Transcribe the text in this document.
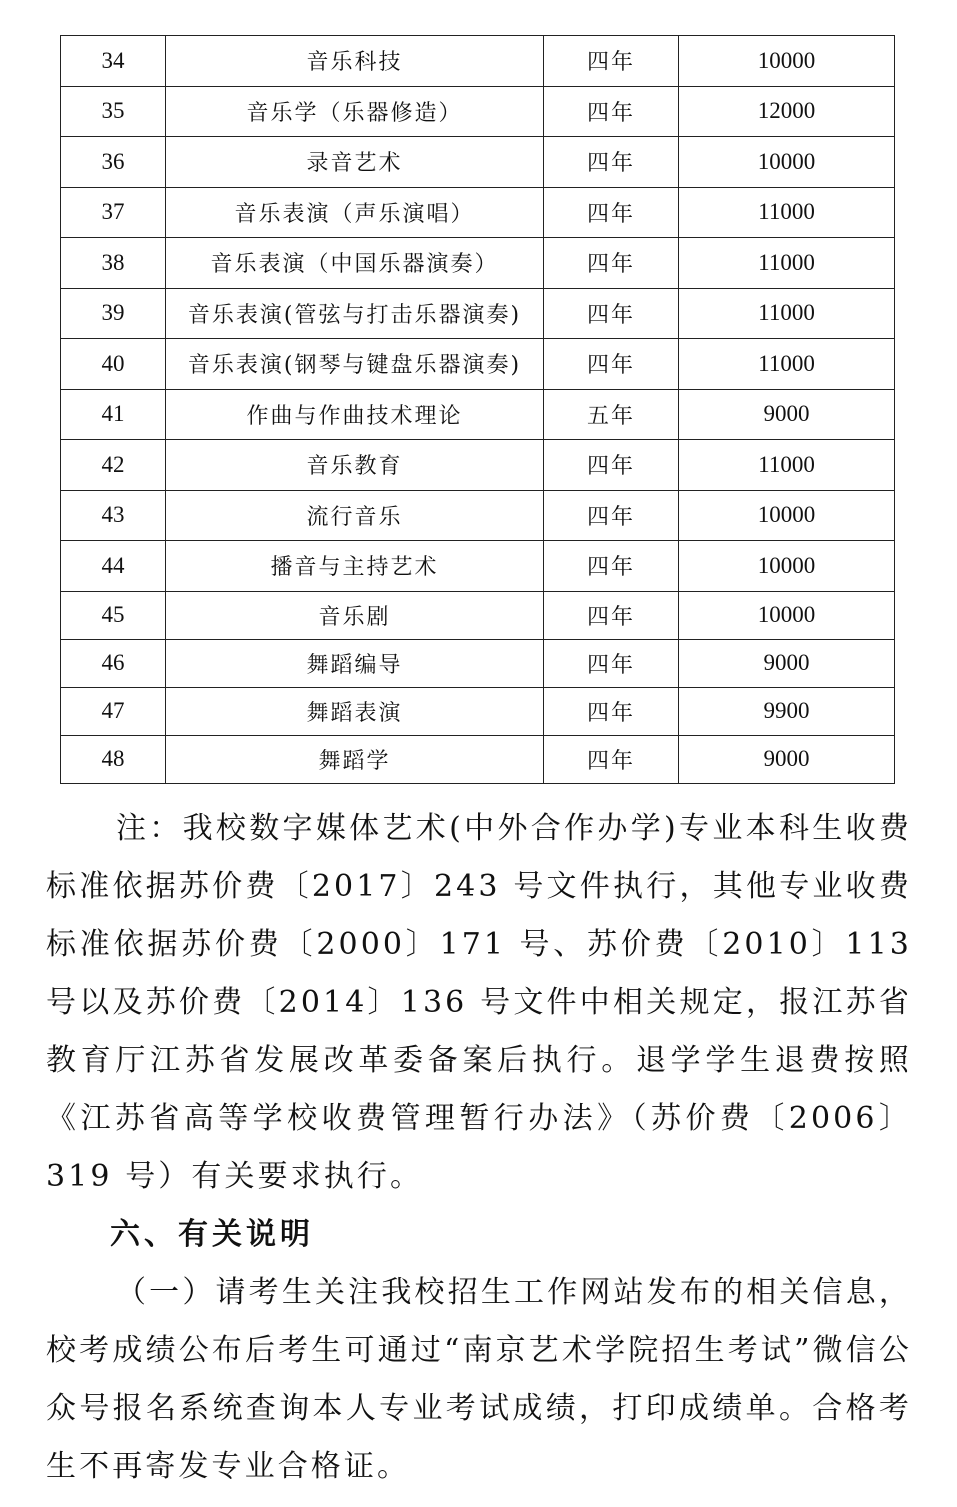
34	音乐科技	四年	10000
35	音乐学（乐器修造）	四年	12000
36	录音艺术	四年	10000
37	音乐表演（声乐演唱）	四年	11000
38	音乐表演（中国乐器演奏）	四年	11000
39	音乐表演(管弦与打击乐器演奏)	四年	11000
40	音乐表演(钢琴与键盘乐器演奏)	四年	11000
41	作曲与作曲技术理论	五年	9000
42	音乐教育	四年	11000
43	流行音乐	四年	10000
44	播音与主持艺术	四年	10000
45	音乐剧	四年	10000
46	舞蹈编导	四年	9000
47	舞蹈表演	四年	9900
48	舞蹈学	四年	9000
注：我校数字媒体艺术(中外合作办学)专业本科生收费标准依据苏价费〔2017〕243 号文件执行，其他专业收费标准依据苏价费〔2000〕171 号、苏价费〔2010〕113 号以及苏价费〔2014〕136 号文件中相关规定，报江苏省教育厅江苏省发展改革委备案后执行。退学学生退费按照《江苏省高等学校收费管理暂行办法》（苏价费〔2006〕319 号）有关要求执行。
六、有关说明
（一）请考生关注我校招生工作网站发布的相关信息，校考成绩公布后考生可通过“南京艺术学院招生考试”微信公众号报名系统查询本人专业考试成绩，打印成绩单。合格考生不再寄发专业合格证。
